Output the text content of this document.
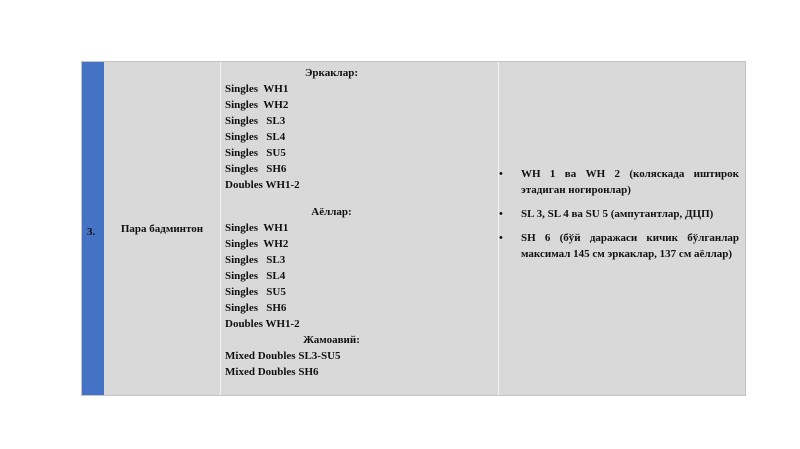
Пара бадминтон
Эркаклар:
Singles  WH1
Singles  WH2
Singles   SL3
Singles   SL4
Singles   SU5
Singles   SH6
Doubles WH1-2
Аёллар:
Singles  WH1
Singles  WH2
Singles   SL3
Singles   SL4
Singles   SU5
Singles   SH6
Doubles WH1-2
Жамоавий:
Mixed Doubles SL3-SU5
Mixed Doubles SH6
• WH 1 ва WH 2 (коляскада иштирок этадиган ногиронлар)
• SL 3, SL 4 ва SU 5 (ампутантлар, ДЦП)
• SH 6 (бўй даражаси кичик бўлганлар максимал 145 см эркаклар, 137 см аёллар)
3.
